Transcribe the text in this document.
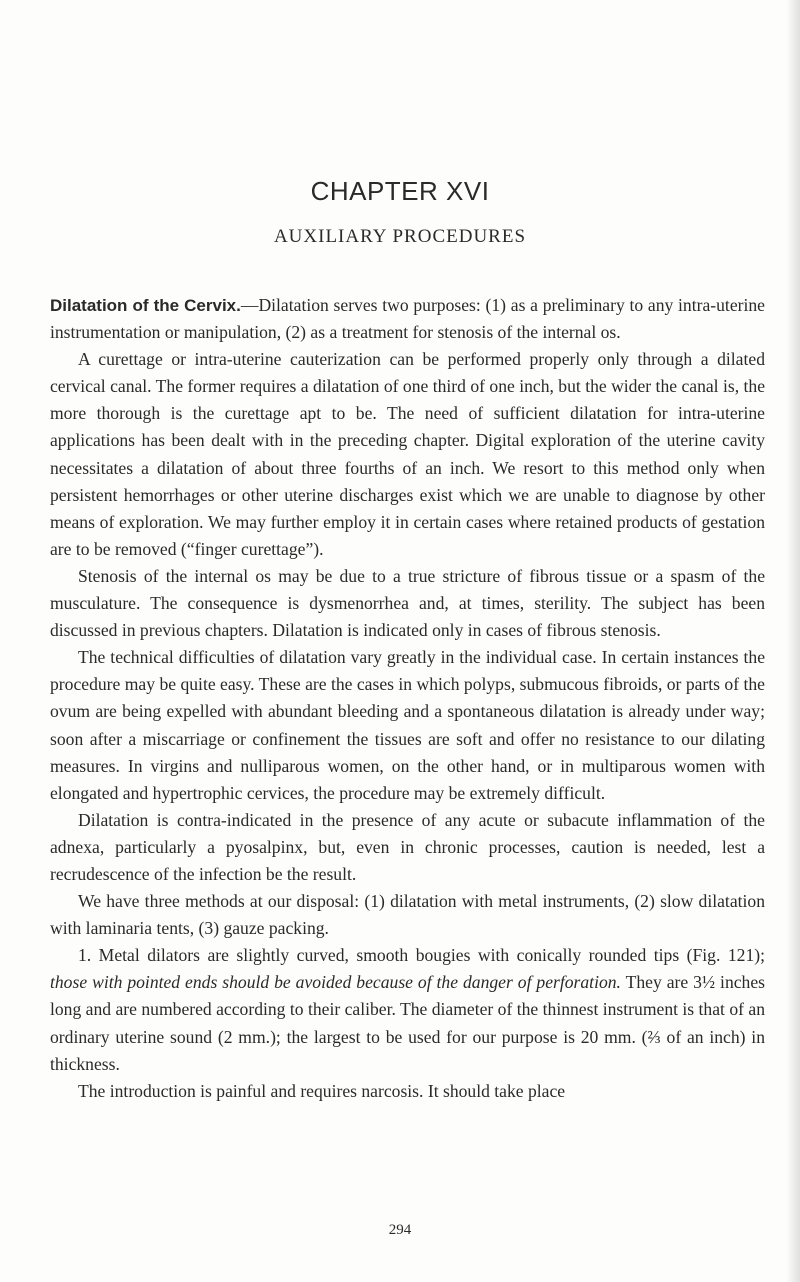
CHAPTER XVI
AUXILIARY PROCEDURES

Dilatation of the Cervix.—Dilatation serves two purposes: (1) as a preliminary to any intra-uterine instrumentation or manipulation, (2) as a treatment for stenosis of the internal os.

A curettage or intra-uterine cauterization can be performed properly only through a dilated cervical canal. The former requires a dilatation of one third of one inch, but the wider the canal is, the more thorough is the curettage apt to be. The need of sufficient dilatation for intra-uterine applications has been dealt with in the preceding chapter. Digital exploration of the uterine cavity necessitates a dilatation of about three fourths of an inch. We resort to this method only when persistent hemorrhages or other uterine discharges exist which we are unable to diagnose by other means of exploration. We may further employ it in certain cases where retained products of gestation are to be removed (“finger curettage”).

Stenosis of the internal os may be due to a true stricture of fibrous tissue or a spasm of the musculature. The consequence is dysmenorrhea and, at times, sterility. The subject has been discussed in previous chapters. Dilatation is indicated only in cases of fibrous stenosis.

The technical difficulties of dilatation vary greatly in the individual case. In certain instances the procedure may be quite easy. These are the cases in which polyps, submucous fibroids, or parts of the ovum are being expelled with abundant bleeding and a spontaneous dilatation is already under way; soon after a miscarriage or confinement the tissues are soft and offer no resistance to our dilating measures. In virgins and nulliparous women, on the other hand, or in multiparous women with elongated and hypertrophic cervices, the procedure may be extremely difficult.

Dilatation is contra-indicated in the presence of any acute or subacute inflammation of the adnexa, particularly a pyosalpinx, but, even in chronic processes, caution is needed, lest a recrudescence of the infection be the result.

We have three methods at our disposal: (1) dilatation with metal instruments, (2) slow dilatation with laminaria tents, (3) gauze packing.

1. Metal dilators are slightly curved, smooth bougies with conically rounded tips (Fig. 121); those with pointed ends should be avoided because of the danger of perforation. They are 3½ inches long and are numbered according to their caliber. The diameter of the thinnest instrument is that of an ordinary uterine sound (2 mm.); the largest to be used for our purpose is 20 mm. (⅔ of an inch) in thickness.

The introduction is painful and requires narcosis. It should take place

294
